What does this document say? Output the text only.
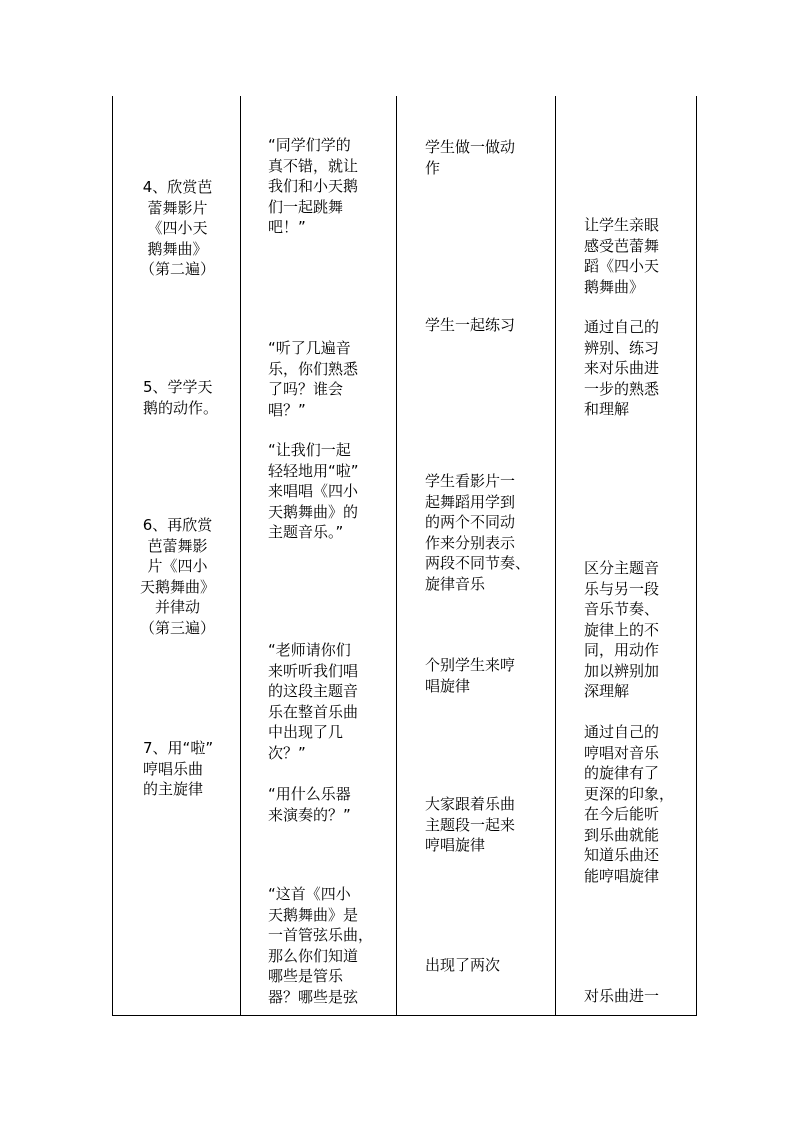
4、欣赏芭
蕾舞影片
《四小天
鹅舞曲》
（第二遍）
5、学学天
鹅的动作。
6、再欣赏
芭蕾舞影
片《四小
天鹅舞曲》
并律动
（第三遍）
7、用“啦”
哼唱乐曲
的主旋律
“同学们学的
真不错，就让
我们和小天鹅
们一起跳舞
吧！”
“听了几遍音
乐，你们熟悉
了吗？谁会
唱？”
“让我们一起
轻轻地用“啦”
来唱唱《四小
天鹅舞曲》的
主题音乐。”
“老师请你们
来听听我们唱
的这段主题音
乐在整首乐曲
中出现了几
次？”
“用什么乐器
来演奏的？”
“这首《四小
天鹅舞曲》是
一首管弦乐曲，
那么你们知道
哪些是管乐
器？哪些是弦
学生做一做动
作
学生一起练习
学生看影片一
起舞蹈用学到
的两个不同动
作来分别表示
两段不同节奏、
旋律音乐
个别学生来哼
唱旋律
大家跟着乐曲
主题段一起来
哼唱旋律
出现了两次
让学生亲眼
感受芭蕾舞
蹈《四小天
鹅舞曲》
通过自己的
辨别、练习
来对乐曲进
一步的熟悉
和理解
区分主题音
乐与另一段
音乐节奏、
旋律上的不
同，用动作
加以辨别加
深理解
通过自己的
哼唱对音乐
的旋律有了
更深的印象，
在今后能听
到乐曲就能
知道乐曲还
能哼唱旋律
对乐曲进一
